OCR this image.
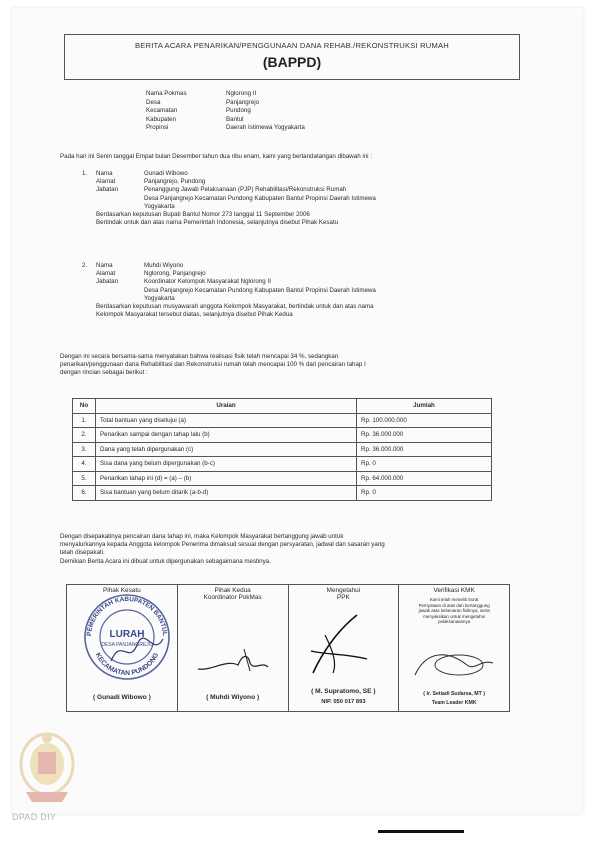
BERITA ACARA PENARIKAN/PENGGUNAAN DANA REHAB./REKONSTRUKSI RUMAH
(BAPPD)
Nama Pokmas	Nglorong II
Desa	Panjangrejo
Kecamatan	Pundong
Kabupaten	Bantul
Propinsi	Daerah Istimewa Yogyakarta
Pada hari ini Senin tanggal Empat bulan Desember tahun dua ribu enam, kami yang bertandatangan dibawah ini :
1.	Nama	Gunadi Wibowo
Alamat	Panjangrejo, Pundong
Jabatan	Penanggung Jawab Pelaksanaan (PJP) Rehabilitasi/Rekonstruksi Rumah
Desa Panjangrejo Kecamatan Pundong Kabupaten Bantul Propinsi Daerah Istimewa
Yogyakarta
Berdasarkan keputusan Bupati Bantul Nomor 273 tanggal 11 September 2006
Bertindak untuk dan atas nama Pemerintah Indonesia, selanjutnya disebut Pihak Kesatu
2.	Nama	Muhdi Wiyono
Alamat	Nglorong, Panjangrejo
Jabatan	Koordinator Kelompok Masyarakat Nglorong II
Desa Panjangrejo Kecamatan Pundong Kabupaten Bantul Propinsi Daerah Istimewa
Yogyakarta
Berdasarkan keputusan musyawarah anggota Kelompok Masyarakat, bertindak untuk dan atas nama
Kelompok Masyarakat tersebut diatas, selanjutnya disebut Pihak Kedua
Dengan ini secara bersama-sama menyatakan bahwa realisasi fisik telah mencapai 34 %, sedangkan
penarikan/penggunaan dana Rehabilitasi dan Rekonstruksi rumah telah mencapai 100 % dari pencairan tahap I
dengan rincian sebagai berikut :
No	Uraian	Jumlah
1.	Total bantuan yang disetujui (a)	Rp. 100.000.000
2.	Penarikan sampai dengan tahap lalu (b)	Rp. 36.000.000
3.	Dana yang telah dipergunakan (c)	Rp. 36.000.000
4.	Sisa dana yang belum dipergunakan (b-c)	Rp. 0
5.	Penarikan tahap ini (d) = (a) – (b)	Rp. 64.000.000
6.	Sisa bantuan yang belum ditarik (a-b-d)	Rp. 0
Dengan disepakatinya pencairan dana tahap ini, maka Kelompok Masyarakat bertanggung jawab untuk
menyalurkannya kepada Anggota kelompok Penerima dimaksud sesuai dengan persyaratan, jadwal dan sasaran yang
telah disepakati.
Demikian Berita Acara ini dibuat untuk dipergunakan sebagaimana mestinya.
Pihak Kesatu
PEMERINTAH KABUPATEN BANTUL
KECAMATAN PUNDONG
LURAH
DESA PANJANGREJO
( Gunadi Wibowo )

Pihak Kedua
Koordinator PokMas
( Muhdi Wiyono )

Mengetahui
PPK
( M. Supratomo, SE )
NIP. 050 017 893

Verifikasi KMK
Kami telah meneliti Surat
Pernyataan di atas dan bertanggung
jawab atas kebenaran fisiknya, serta
menyaksikan untuk mengetahui
pelaksanaannya
( Ir. Setiadi Sudarsa, MT )
Team Leader KMK
DPAD DIY
